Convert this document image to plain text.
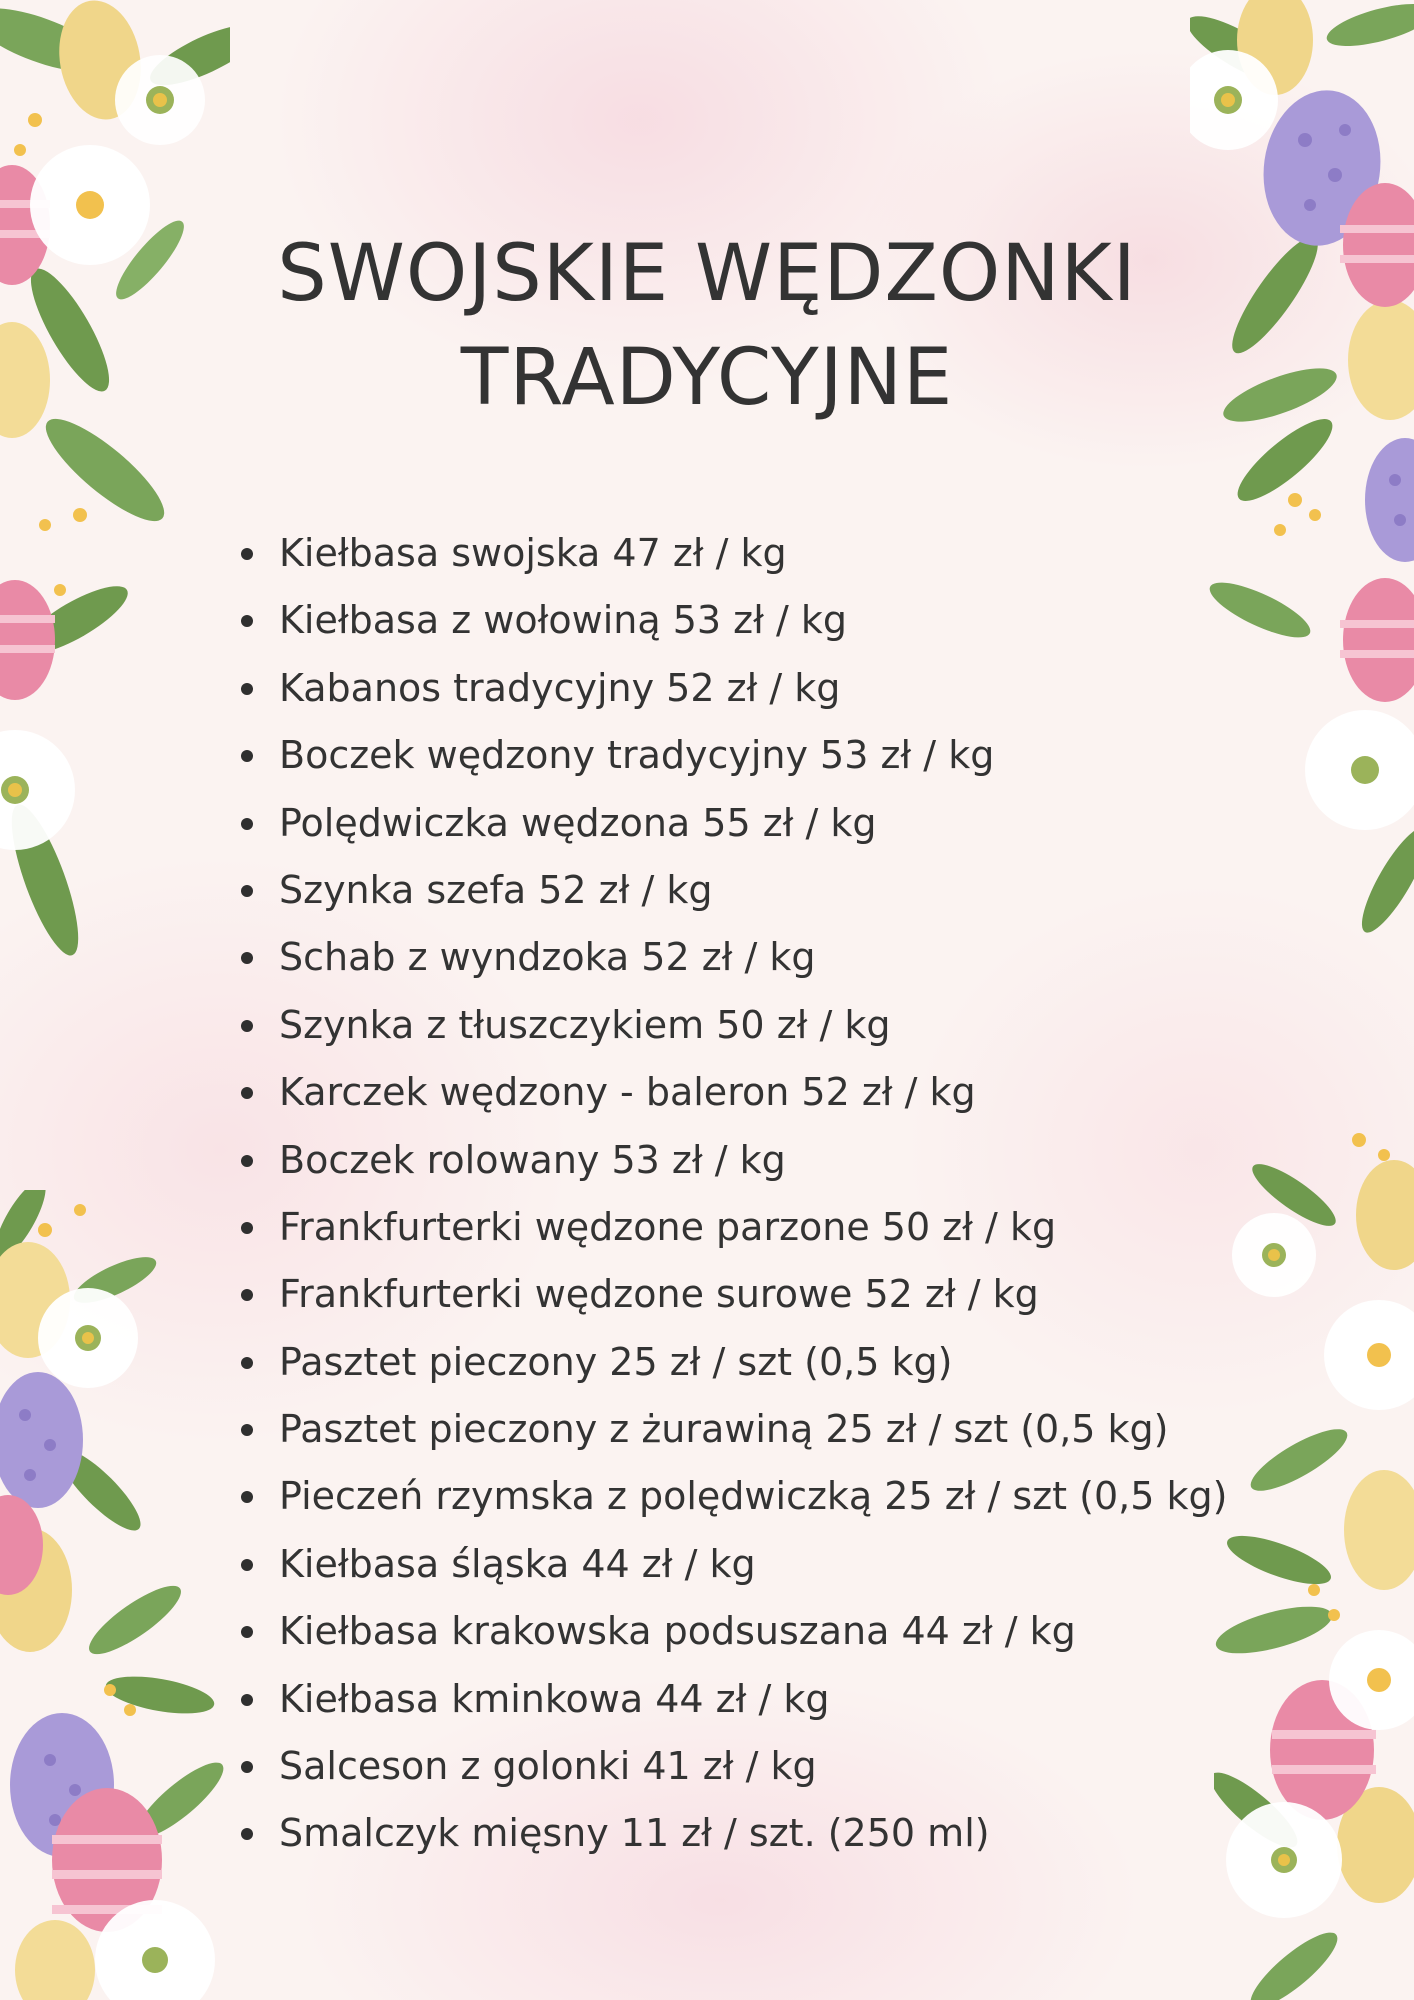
SWOJSKIE WĘDZONKI
TRADYCYJNE
Kiełbasa swojska 47 zł / kg
Kiełbasa z wołowiną 53 zł / kg
Kabanos tradycyjny 52 zł / kg
Boczek wędzony tradycyjny 53 zł / kg
Polędwiczka wędzona 55 zł / kg
Szynka szefa 52 zł / kg
Schab z wyndzoka 52 zł / kg
Szynka z tłuszczykiem 50 zł / kg
Karczek wędzony - baleron 52 zł / kg
Boczek rolowany 53 zł / kg
Frankfurterki wędzone parzone 50 zł / kg
Frankfurterki wędzone surowe 52 zł / kg
Pasztet pieczony 25 zł / szt (0,5 kg)
Pasztet pieczony z żurawiną 25 zł / szt (0,5 kg)
Pieczeń rzymska z polędwiczką 25 zł / szt (0,5 kg)
Kiełbasa śląska 44 zł / kg
Kiełbasa krakowska podsuszana 44 zł / kg
Kiełbasa kminkowa 44 zł / kg
Salceson z golonki 41 zł / kg
Smalczyk mięsny 11 zł / szt. (250 ml)
